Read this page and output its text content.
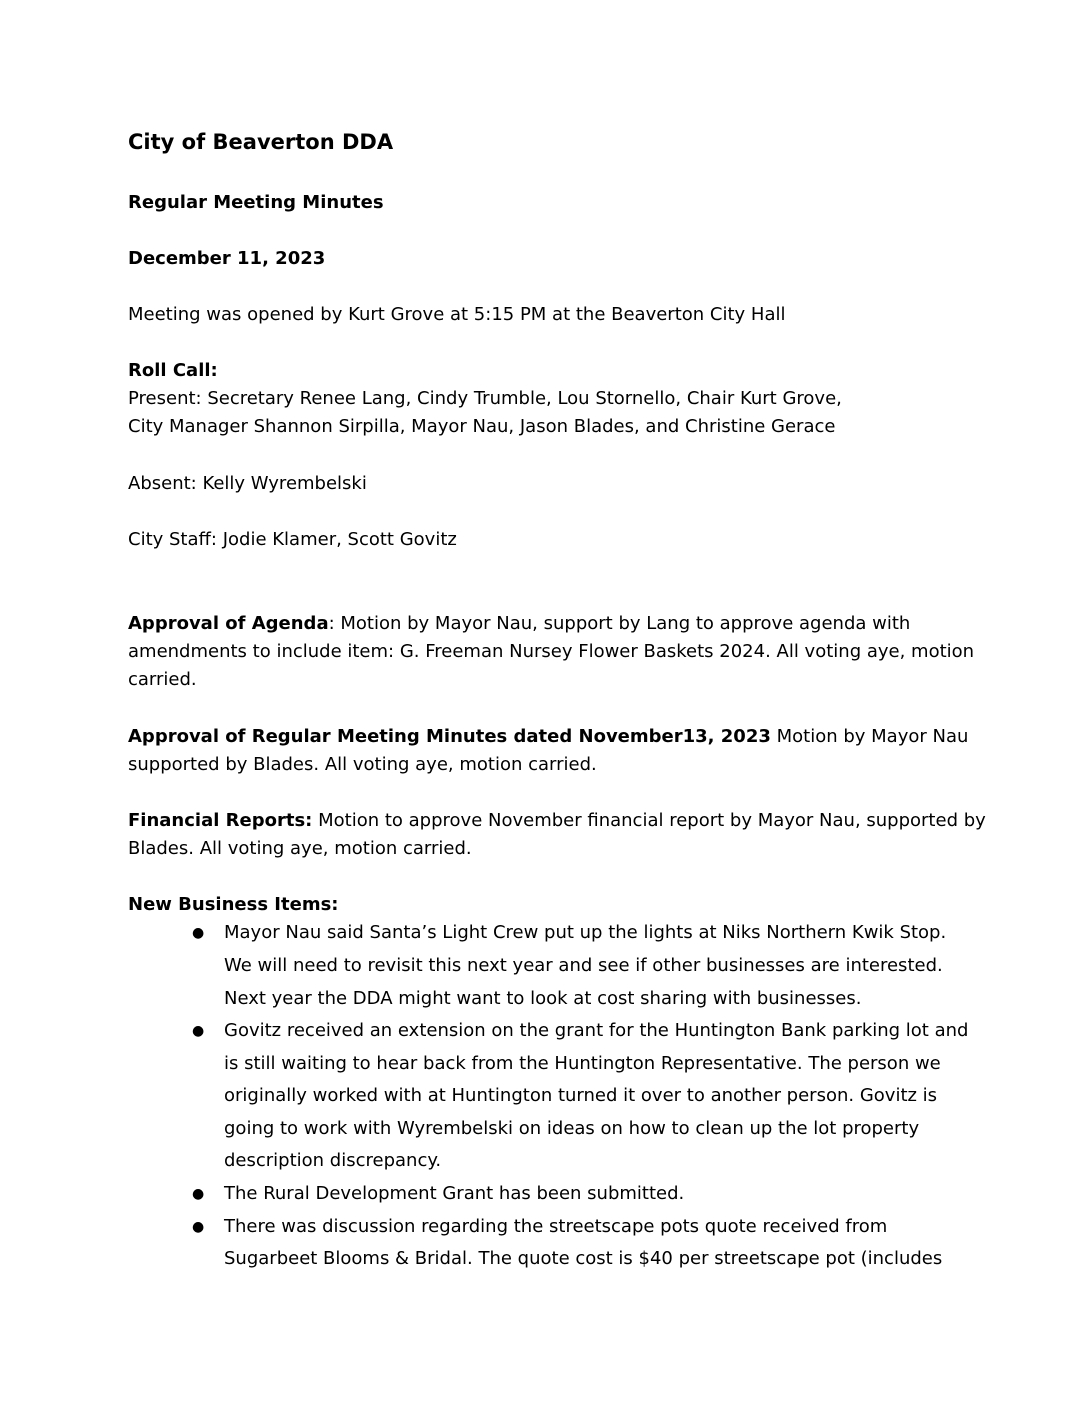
City of Beaverton DDA
Regular Meeting Minutes
December 11, 2023
Meeting was opened by Kurt Grove at 5:15 PM at the Beaverton City Hall
Roll Call:
Present: Secretary Renee Lang, Cindy Trumble, Lou Stornello, Chair Kurt Grove,
City Manager Shannon Sirpilla, Mayor Nau, Jason Blades, and Christine Gerace
Absent: Kelly Wyrembelski
City Staff: Jodie Klamer, Scott Govitz
Approval of Agenda: Motion by Mayor Nau, support by Lang to approve agenda with
amendments to include item: G. Freeman Nursey Flower Baskets 2024. All voting aye, motion
carried.
Approval of Regular Meeting Minutes dated November13, 2023 Motion by Mayor Nau
supported by Blades. All voting aye, motion carried.
Financial Reports: Motion to approve November financial report by Mayor Nau, supported by
Blades. All voting aye, motion carried.
New Business Items:
● Mayor Nau said Santa’s Light Crew put up the lights at Niks Northern Kwik Stop.
We will need to revisit this next year and see if other businesses are interested.
Next year the DDA might want to look at cost sharing with businesses.
● Govitz received an extension on the grant for the Huntington Bank parking lot and
is still waiting to hear back from the Huntington Representative. The person we
originally worked with at Huntington turned it over to another person. Govitz is
going to work with Wyrembelski on ideas on how to clean up the lot property
description discrepancy.
● The Rural Development Grant has been submitted.
● There was discussion regarding the streetscape pots quote received from
Sugarbeet Blooms & Bridal. The quote cost is $40 per streetscape pot (includes
